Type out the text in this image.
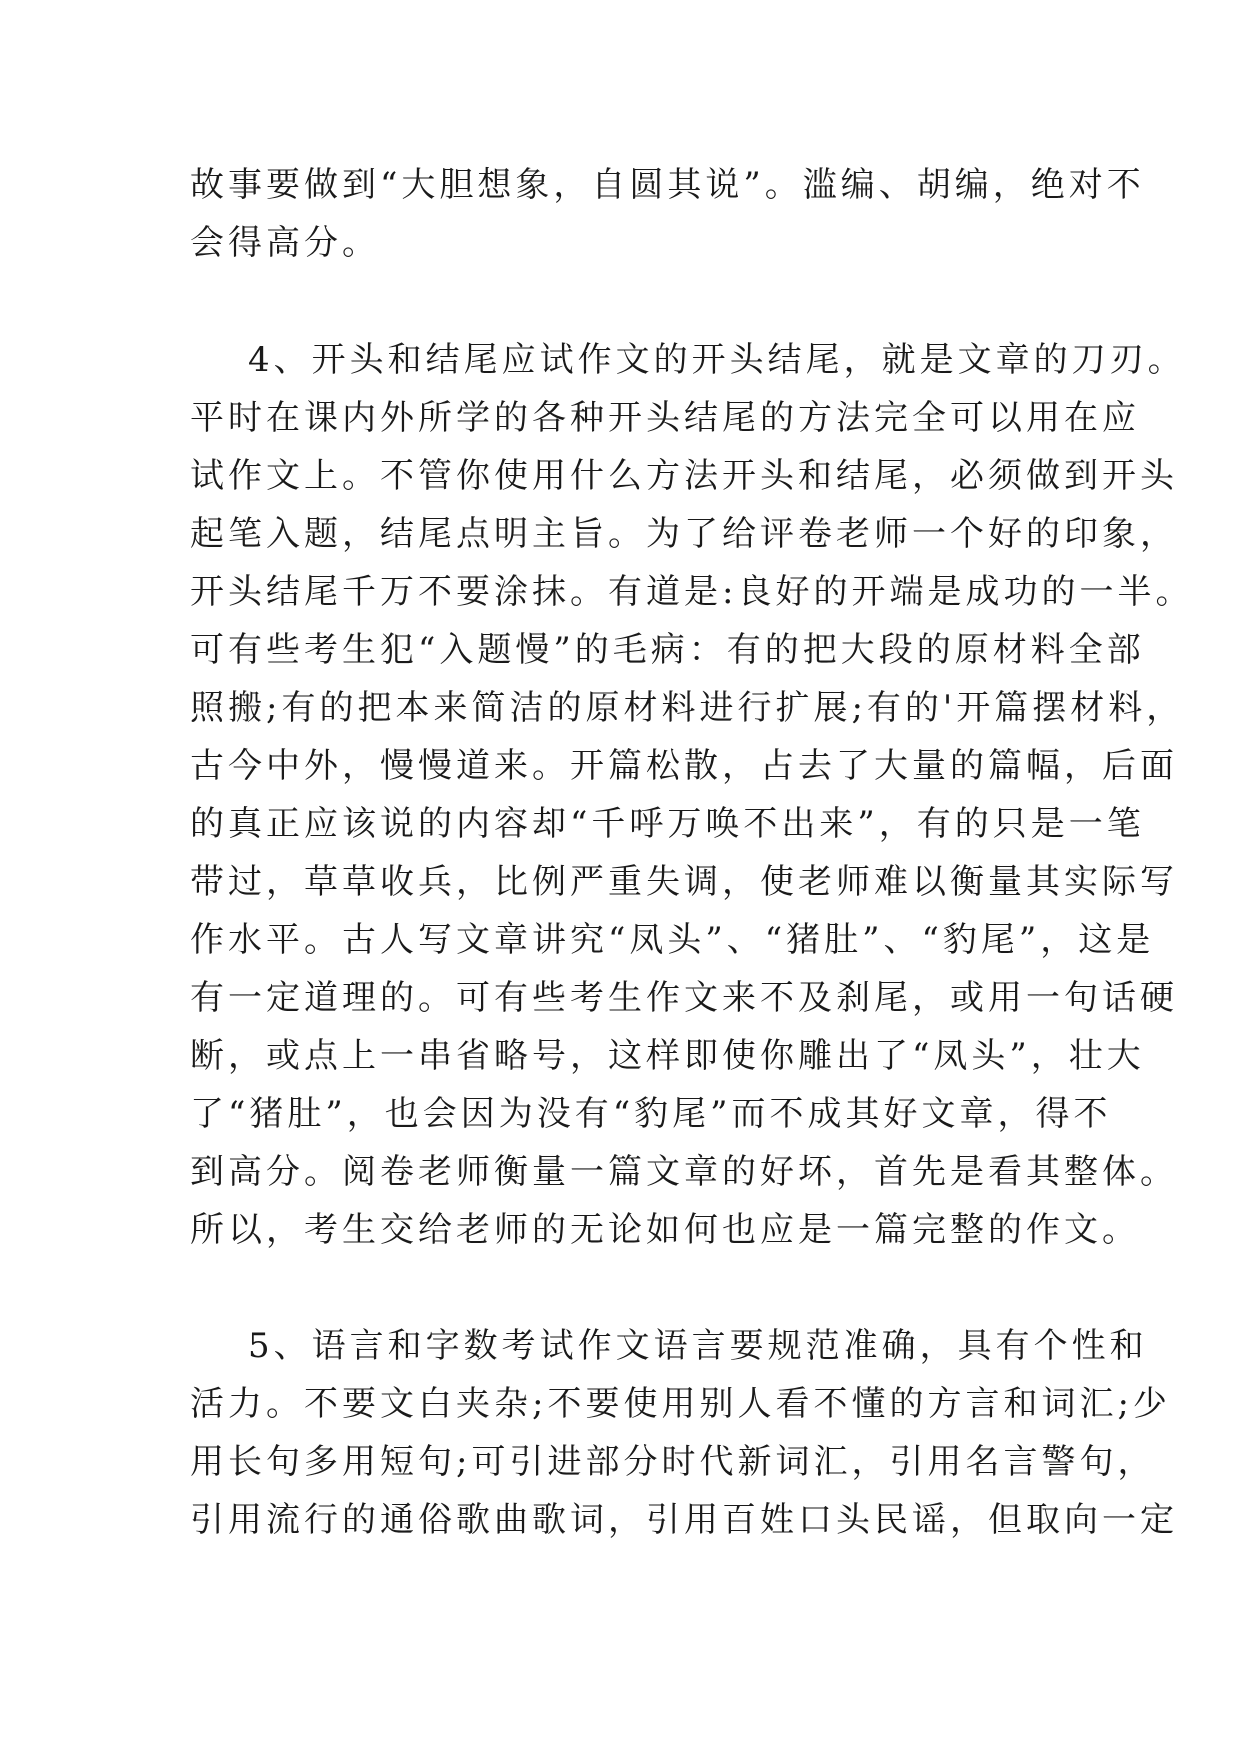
故事要做到“大胆想象，自圆其说”。滥编、胡编，绝对不
会得高分。
4、开头和结尾应试作文的开头结尾，就是文章的刀刃。
平时在课内外所学的各种开头结尾的方法完全可以用在应
试作文上。不管你使用什么方法开头和结尾，必须做到开头
起笔入题，结尾点明主旨。为了给评卷老师一个好的印象，
开头结尾千万不要涂抹。有道是:良好的开端是成功的一半。
可有些考生犯“入题慢”的毛病：有的把大段的原材料全部
照搬;有的把本来简洁的原材料进行扩展;有的'开篇摆材料，
古今中外，慢慢道来。开篇松散，占去了大量的篇幅，后面
的真正应该说的内容却“千呼万唤不出来”，有的只是一笔
带过，草草收兵，比例严重失调，使老师难以衡量其实际写
作水平。古人写文章讲究“凤头”、“猪肚”、“豹尾”，这是
有一定道理的。可有些考生作文来不及刹尾，或用一句话硬
断，或点上一串省略号，这样即使你雕出了“凤头”，壮大
了“猪肚”，也会因为没有“豹尾”而不成其好文章，得不
到高分。阅卷老师衡量一篇文章的好坏，首先是看其整体。
所以，考生交给老师的无论如何也应是一篇完整的作文。
5、语言和字数考试作文语言要规范准确，具有个性和
活力。不要文白夹杂;不要使用别人看不懂的方言和词汇;少
用长句多用短句;可引进部分时代新词汇，引用名言警句，
引用流行的通俗歌曲歌词，引用百姓口头民谣，但取向一定
